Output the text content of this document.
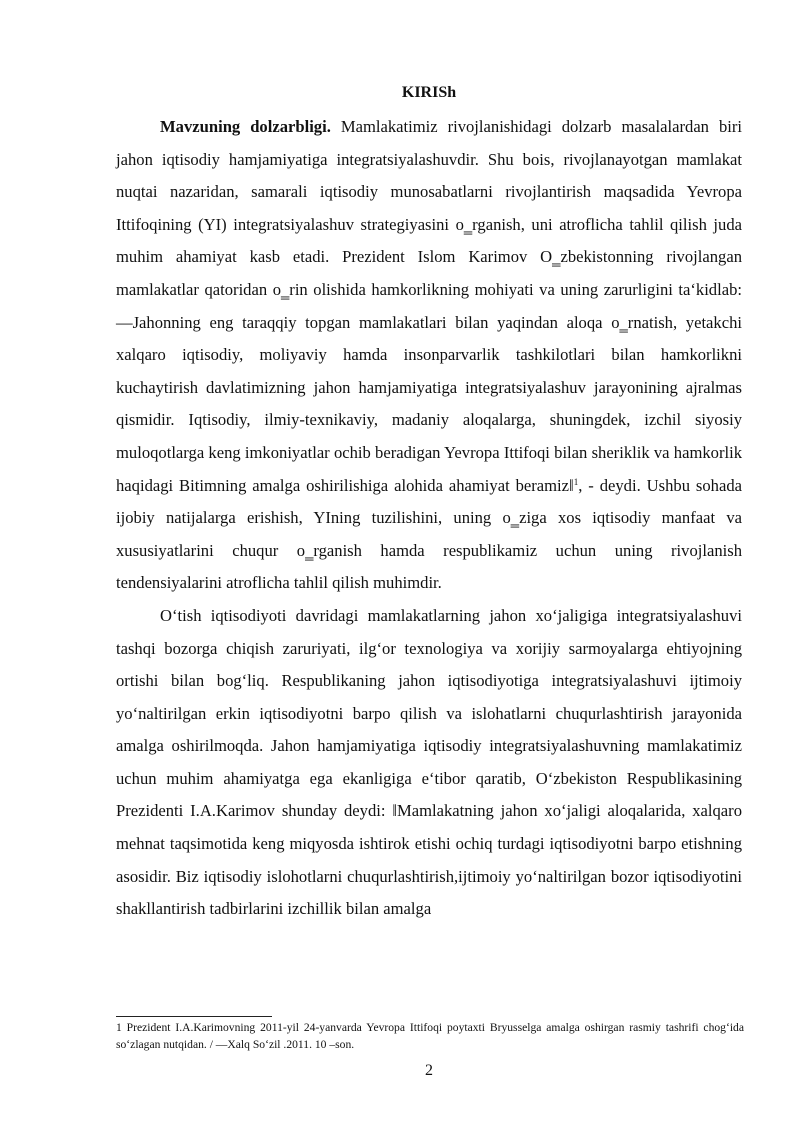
KIRISh

Mavzuning dolzarbligi. Mamlakatimiz rivojlanishidagi dolzarb masalalardan biri jahon iqtisodiy hamjamiyatiga integratsiyalashuvdir. Shu bois, rivojlanayotgan mamlakat nuqtai nazaridan, samarali iqtisodiy munosabatlarni rivojlantirish maqsadida Yevropa Ittifoqining (YI) integratsiyalashuv strategiyasini o‗rganish, uni atroflicha tahlil qilish juda muhim ahamiyat kasb etadi. Prezident Islom Karimov O‗zbekistonning rivojlangan mamlakatlar qatoridan o‗rin olishida hamkorlikning mohiyati va uning zarurligini ta‘kidlab: ―Jahonning eng taraqqiy topgan mamlakatlari bilan yaqindan aloqa o‗rnatish, yetakchi xalqaro iqtisodiy, moliyaviy hamda insonparvarlik tashkilotlari bilan hamkorlikni kuchaytirish davlatimizning jahon hamjamiyatiga integratsiyalashuv jarayonining ajralmas qismidir. Iqtisodiy, ilmiy-texnikaviy, madaniy aloqalarga, shuningdek, izchil siyosiy muloqotlarga keng imkoniyatlar ochib beradigan Yevropa Ittifoqi bilan sheriklik va hamkorlik haqidagi Bitimning amalga oshirilishiga alohida ahamiyat beramiz‖$^1$, - deydi. Ushbu sohada ijobiy natijalarga erishish, YIning tuzilishini, uning o‗ziga xos iqtisodiy manfaat va xususiyatlarini chuqur o‗rganish hamda respublikamiz uchun uning rivojlanish tendensiyalarini atroflicha tahlil qilish muhimdir.

O‘tish iqtisodiyoti davridagi mamlakatlarning jahon xo‘jaligiga integratsiyalashuvi tashqi bozorga chiqish zaruriyati, ilg‘or texnologiya va xorijiy sarmoyalarga ehtiyojning ortishi bilan bog‘liq. Respublikaning jahon iqtisodiyotiga integratsiyalashuvi ijtimoiy yo‘naltirilgan erkin iqtisodiyotni barpo qilish va islohatlarni chuqurlashtirish jarayonida amalga oshirilmoqda. Jahon hamjamiyatiga iqtisodiy integratsiyalashuvning mamlakatimiz uchun muhim ahamiyatga ega ekanligiga e‘tibor qaratib, O‘zbekiston Respublikasining Prezidenti I.A.Karimov shunday deydi: ‖Mamlakatning jahon xo‘jaligi aloqalarida, xalqaro mehnat taqsimotida keng miqyosda ishtirok etishi ochiq turdagi iqtisodiyotni barpo etishning asosidir. Biz iqtisodiy islohotlarni chuqurlashtirish,ijtimoiy yo‘naltirilgan bozor iqtisodiyotini shakllantirish tadbirlarini izchillik bilan amalga

1 Prezident I.A.Karimovning 2011-yil 24-yanvarda Yevropa Ittifoqi poytaxti Bryusselga amalga oshirgan rasmiy tashrifi chog‘ida so‘zlagan nutqidan. / ―Xalq So‘zil .2011. 10 –son.
2
